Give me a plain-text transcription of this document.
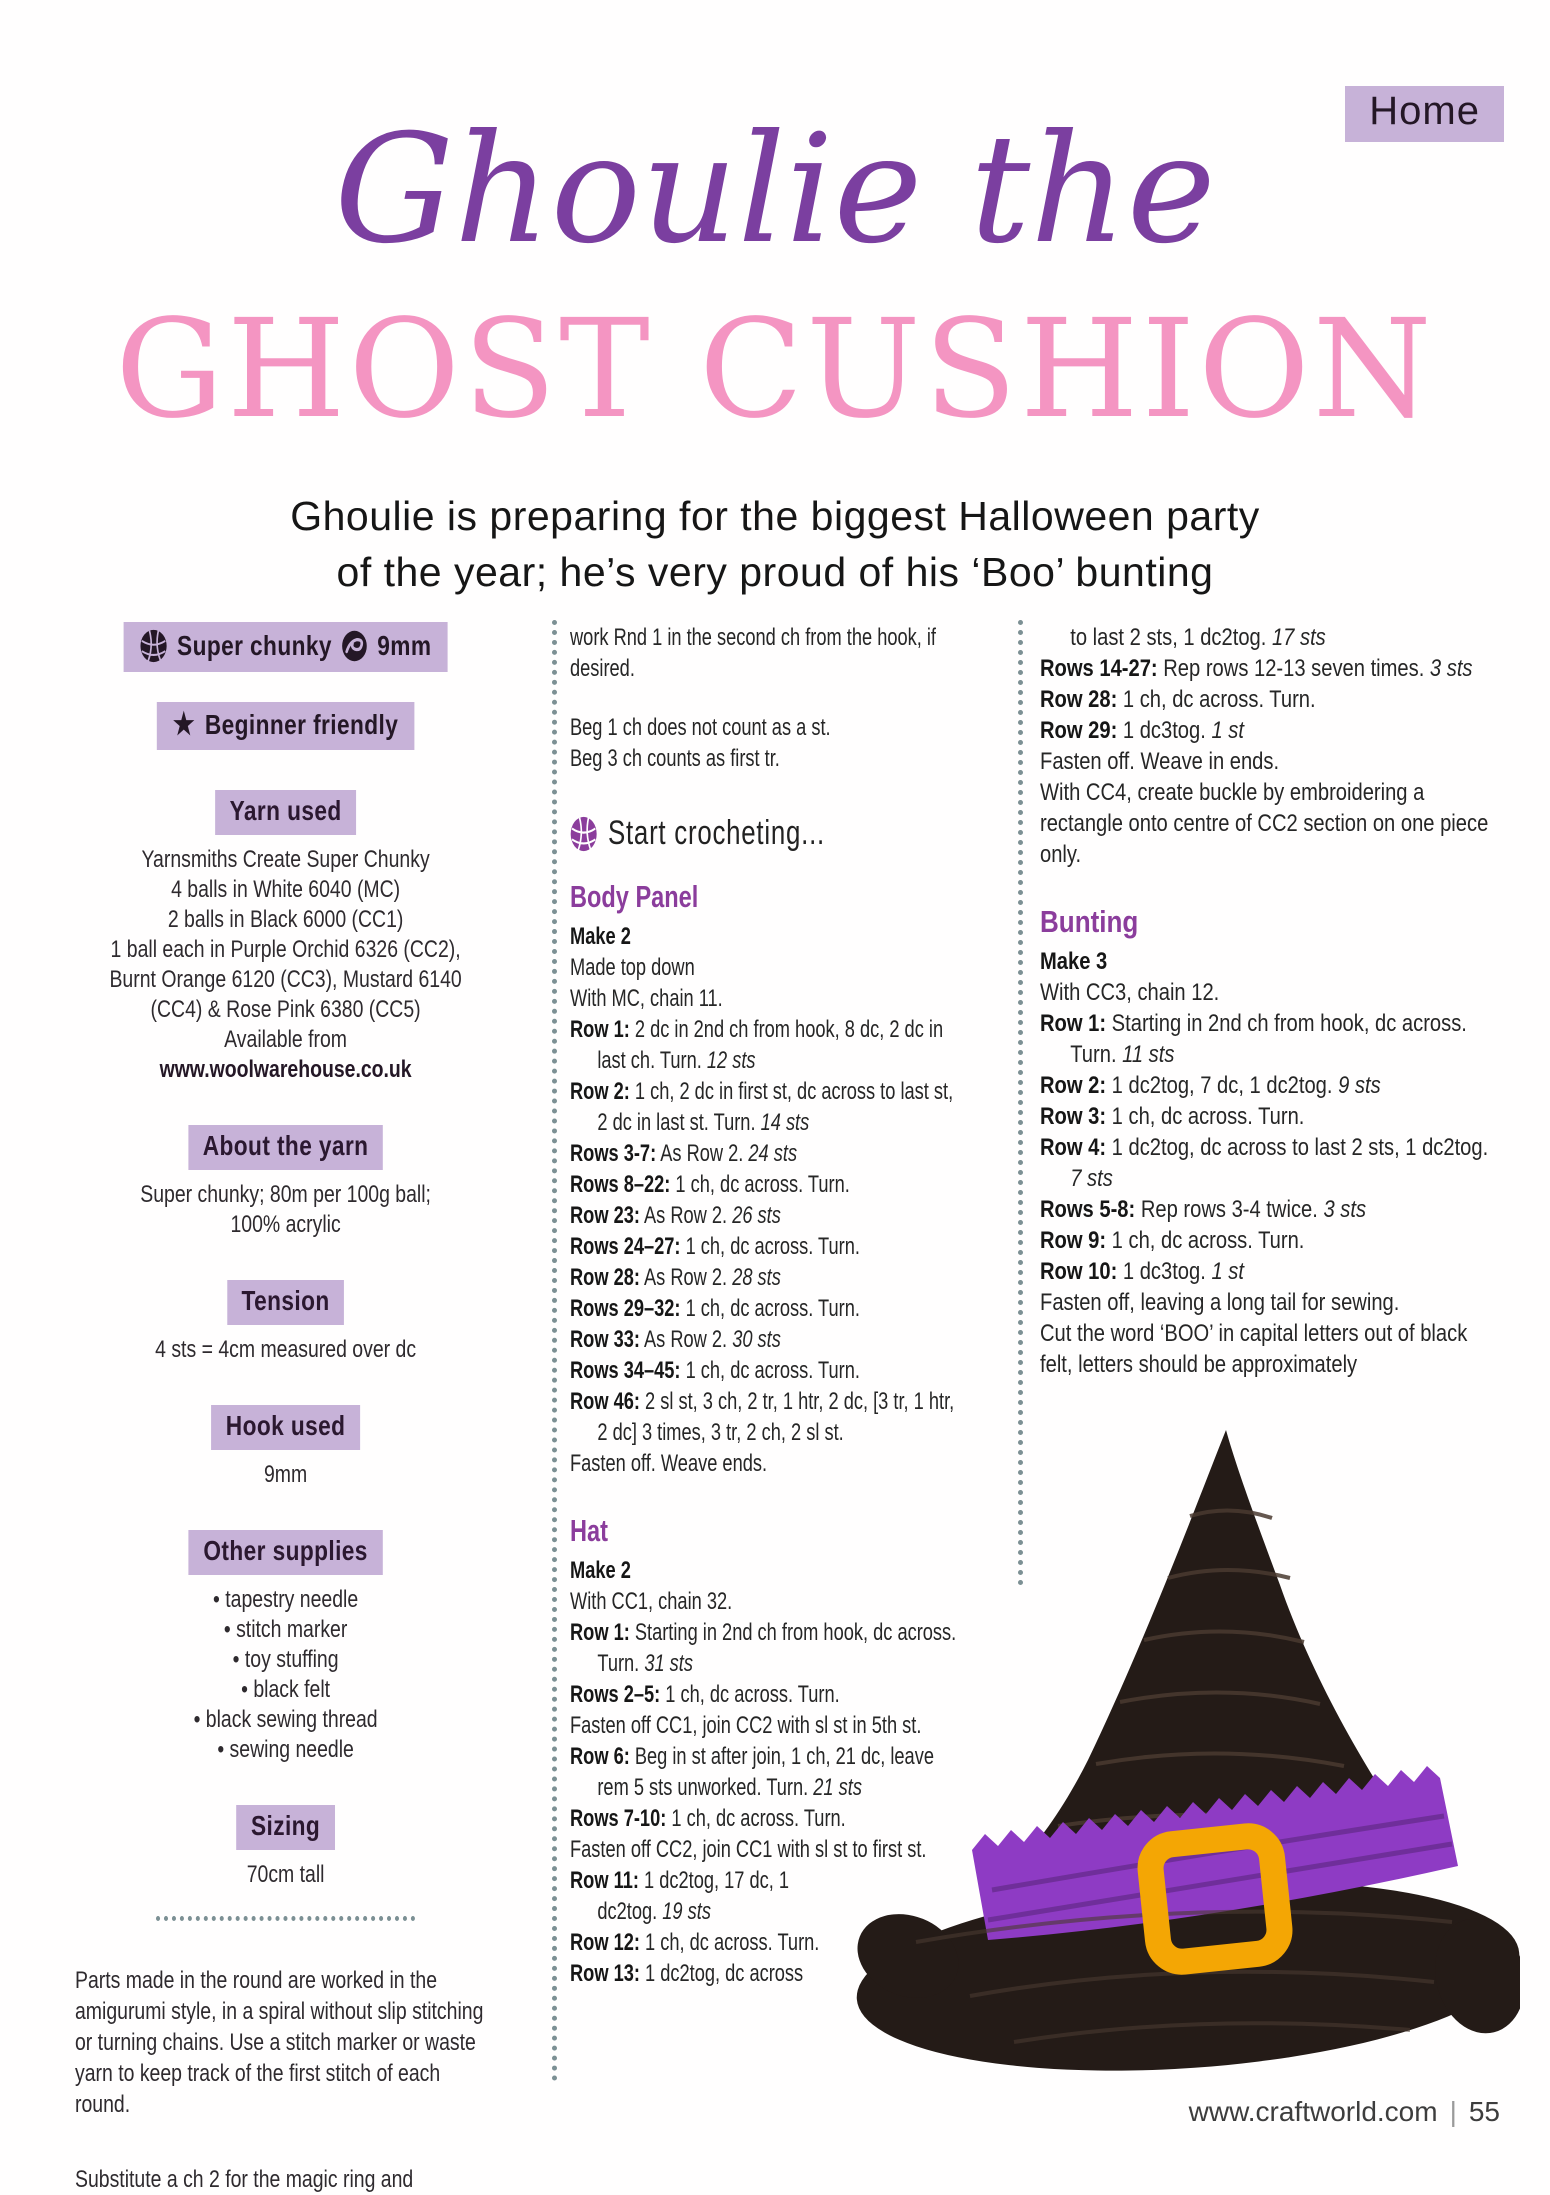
Home
Ghoulie the
GHOST CUSHION

Ghoulie is preparing for the biggest Halloween party
of the year; he’s very proud of his ‘Boo’ bunting

Super chunky 9mm
★ Beginner friendly
Yarn used
Yarnsmiths Create Super Chunky
4 balls in White 6040 (MC)
2 balls in Black 6000 (CC1)
1 ball each in Purple Orchid 6326 (CC2),
Burnt Orange 6120 (CC3), Mustard 6140
(CC4) & Rose Pink 6380 (CC5)
Available from
www.woolwarehouse.co.uk
About the yarn
Super chunky; 80m per 100g ball;
100% acrylic
Tension
4 sts = 4cm measured over dc
Hook used
9mm
Other supplies
• tapestry needle
• stitch marker
• toy stuffing
• black felt
• black sewing thread
• sewing needle
Sizing
70cm tall

Parts made in the round are worked in the amigurumi style, in a spiral without slip stitching or turning chains. Use a stitch marker or waste yarn to keep track of the first stitch of each round.

Substitute a ch 2 for the magic ring and

work Rnd 1 in the second ch from the hook, if desired.

Beg 1 ch does not count as a st.

Beg 3 ch counts as first tr.

Start crocheting...
Body Panel

Make 2

Made top down

With MC, chain 11.

Row 1: 2 dc in 2nd ch from hook, 8 dc, 2 dc in last ch. Turn. 12 sts

Row 2: 1 ch, 2 dc in first st, dc across to last st, 2 dc in last st. Turn. 14 sts

Rows 3-7: As Row 2. 24 sts

Rows 8–22: 1 ch, dc across. Turn.

Row 23: As Row 2. 26 sts

Rows 24–27: 1 ch, dc across. Turn.

Row 28: As Row 2. 28 sts

Rows 29–32: 1 ch, dc across. Turn.

Row 33: As Row 2. 30 sts

Rows 34–45: 1 ch, dc across. Turn.

Row 46: 2 sl st, 3 ch, 2 tr, 1 htr, 2 dc, [3 tr, 1 htr, 2 dc] 3 times, 3 tr, 2 ch, 2 sl st.

Fasten off. Weave ends.

Hat

Make 2

With CC1, chain 32.

Row 1: Starting in 2nd ch from hook, dc across. Turn. 31 sts

Rows 2–5: 1 ch, dc across. Turn.

Fasten off CC1, join CC2 with sl st in 5th st.

Row 6: Beg in st after join, 1 ch, 21 dc, leave rem 5 sts unworked. Turn. 21 sts

Rows 7-10: 1 ch, dc across. Turn.

Fasten off CC2, join CC1 with sl st to first st.

Row 11: 1 dc2tog, 17 dc, 1 dc2tog. 19 sts

Row 12: 1 ch, dc across. Turn.

Row 13: 1 dc2tog, dc across

to last 2 sts, 1 dc2tog. 17 sts

Rows 14-27: Rep rows 12-13 seven times. 3 sts

Row 28: 1 ch, dc across. Turn.

Row 29: 1 dc3tog. 1 st

Fasten off. Weave in ends.

With CC4, create buckle by embroidering a rectangle onto centre of CC2 section on one piece only.

Bunting

Make 3

With CC3, chain 12.

Row 1: Starting in 2nd ch from hook, dc across. Turn. 11 sts

Row 2: 1 dc2tog, 7 dc, 1 dc2tog. 9 sts

Row 3: 1 ch, dc across. Turn.

Row 4: 1 dc2tog, dc across to last 2 sts, 1 dc2tog. 7 sts

Rows 5-8: Rep rows 3-4 twice. 3 sts

Row 9: 1 ch, dc across. Turn.

Row 10: 1 dc3tog. 1 st

Fasten off, leaving a long tail for sewing.

Cut the word ‘BOO’ in capital letters out of black felt, letters should be approximately

www.craftworld.com | 55
